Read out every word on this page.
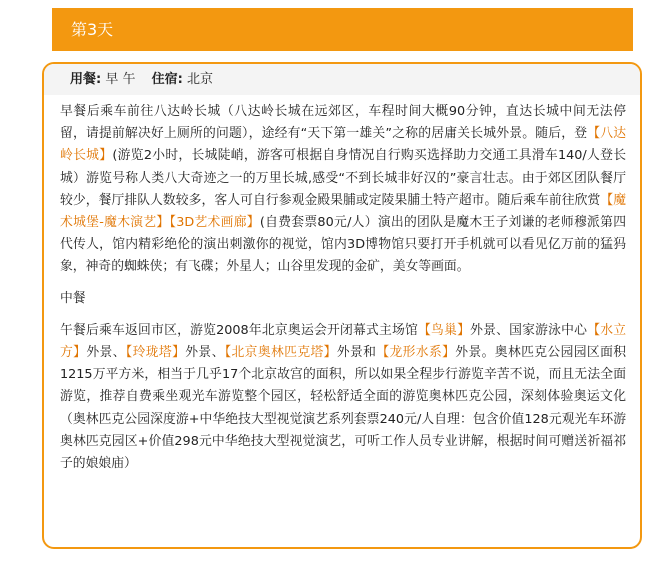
第3天
用餐: 早 午 住宿: 北京

早餐后乘车前往八达岭长城（八达岭长城在远郊区，车程时间大概90分钟，直达长城中间无法停留，请提前解决好上厕所的问题），途经有“天下第一雄关”之称的居庸关长城外景。随后，登【八达岭长城】(游览2小时，长城陡峭，游客可根据自身情况自行购买选择助力交通工具滑车140/人登长城）游览号称人类八大奇迹之一的万里长城,感受“不到长城非好汉的”豪言壮志。由于郊区团队餐厅较少，餐厅排队人数较多，客人可自行参观金殿果脯或定陵果脯土特产超市。随后乘车前往欣赏【魔术城堡-魔木演艺】【3D艺术画廊】(自费套票80元/人）演出的团队是魔木王子刘谦的老师穆派第四代传人，馆内精彩绝伦的演出刺激你的视觉，馆内3D博物馆只要打开手机就可以看见亿万前的猛犸象，神奇的蜘蛛侠；有飞碟；外星人；山谷里发现的金矿，美女等画面。

中餐

午餐后乘车返回市区，游览2008年北京奥运会开闭幕式主场馆【鸟巢】外景、国家游泳中心【水立方】外景、【玲珑塔】外景、【北京奥林匹克塔】外景和【龙形水系】外景。奥林匹克公园园区面积1215万平方米，相当于几乎17个北京故宫的面积，所以如果全程步行游览辛苦不说，而且无法全面游览，推荐自费乘坐观光车游览整个园区，轻松舒适全面的游览奥林匹克公园，深刻体验奥运文化（奥林匹克公园深度游+中华绝技大型视觉演艺系列套票240元/人自理：包含价值128元观光车环游奥林匹克园区+价值298元中华绝技大型视觉演艺，可听工作人员专业讲解，根据时间可赠送祈福祁子的娘娘庙）
